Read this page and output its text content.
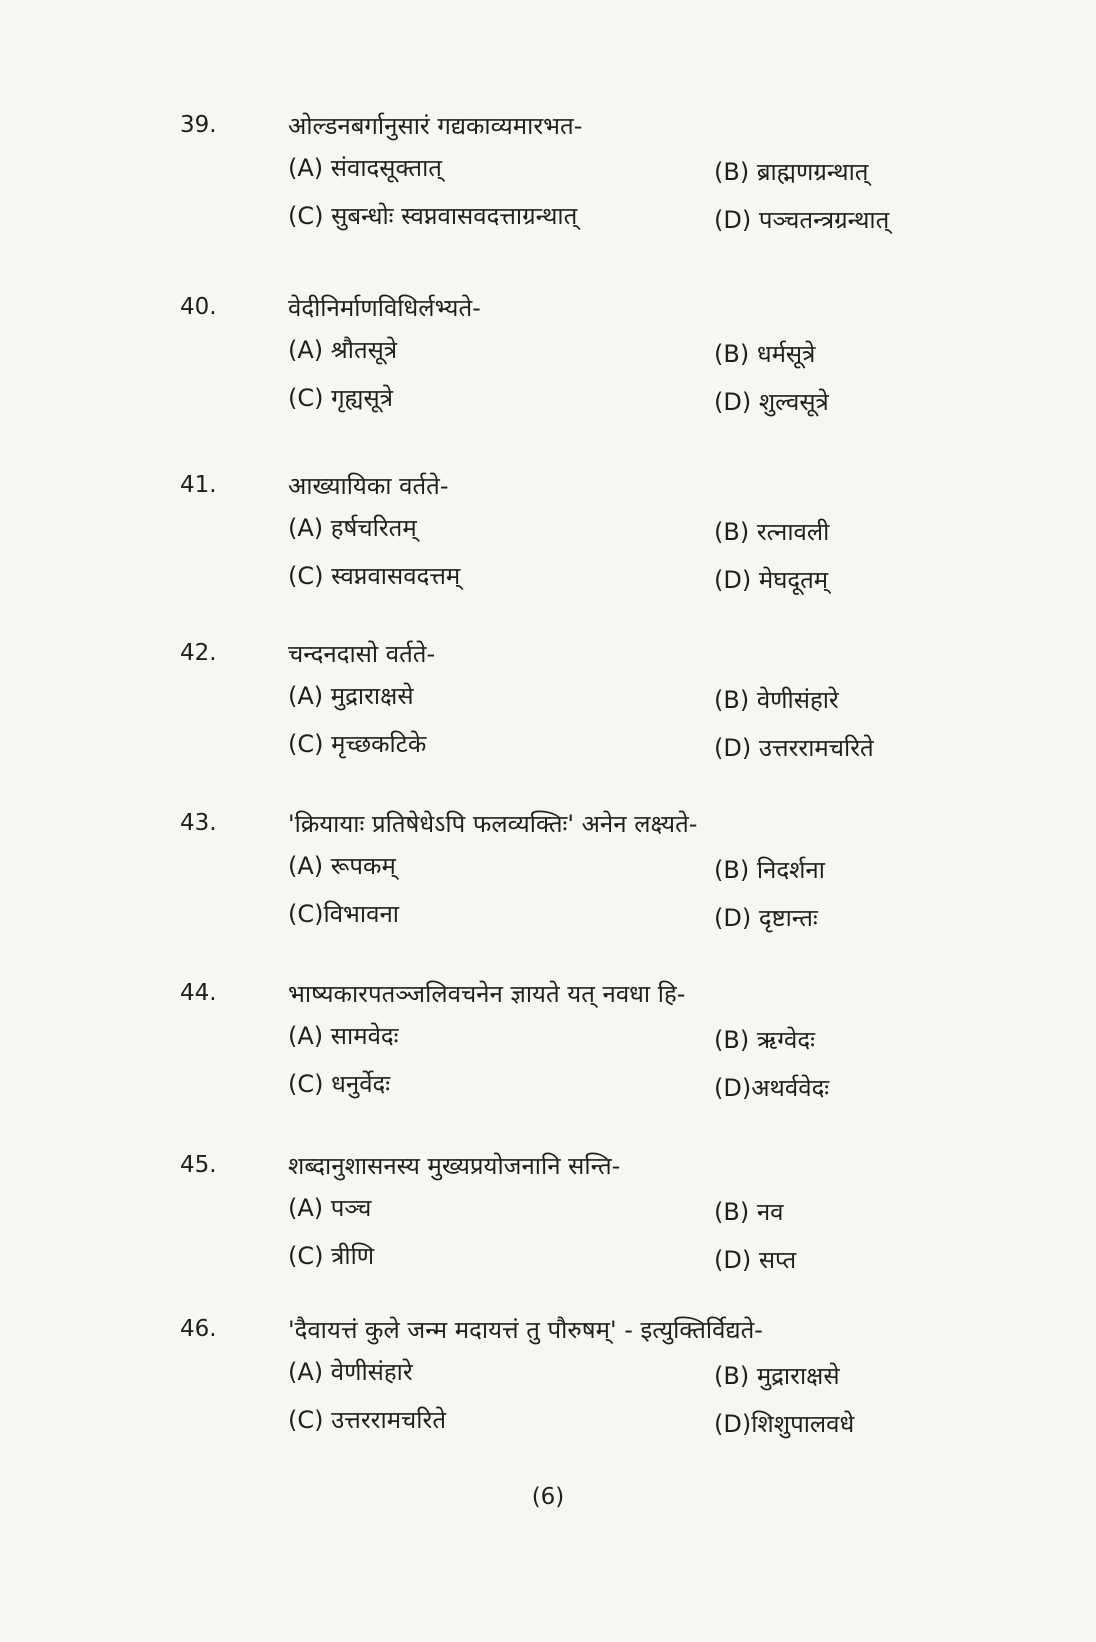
39.	ओल्डनबर्गानुसारं गद्यकाव्यमारभत-
(A) संवादसूक्तात्	(B) ब्राह्मणग्रन्थात्
(C) सुबन्धोः स्वप्नवासवदत्ताग्रन्थात्	(D) पञ्चतन्त्रग्रन्थात्
40.	वेदीनिर्माणविधिर्लभ्यते-
(A) श्रौतसूत्रे	(B) धर्मसूत्रे
(C) गृह्यसूत्रे	(D) शुल्वसूत्रे
41.	आख्यायिका वर्तते-
(A) हर्षचरितम्	(B) रत्नावली
(C) स्वप्नवासवदत्तम्	(D) मेघदूतम्
42.	चन्दनदासो वर्तते-
(A) मुद्राराक्षसे	(B) वेणीसंहारे
(C) मृच्छकटिके	(D) उत्तररामचरिते
43.	'क्रियायाः प्रतिषेधेऽपि फलव्यक्तिः' अनेन लक्ष्यते-
(A) रूपकम्	(B) निदर्शना
(C)विभावना	(D) दृष्टान्तः
44.	भाष्यकारपतञ्जलिवचनेन ज्ञायते यत् नवधा हि-
(A) सामवेदः	(B) ऋग्वेदः
(C) धनुर्वेदः	(D)अथर्ववेदः
45.	शब्दानुशासनस्य मुख्यप्रयोजनानि सन्ति-
(A) पञ्च	(B) नव
(C) त्रीणि	(D) सप्त
46.	'दैवायत्तं कुले जन्म मदायत्तं तु पौरुषम्' - इत्युक्तिर्विद्यते-
(A) वेणीसंहारे	(B) मुद्राराक्षसे
(C) उत्तररामचरिते	(D)शिशुपालवधे
(6)
